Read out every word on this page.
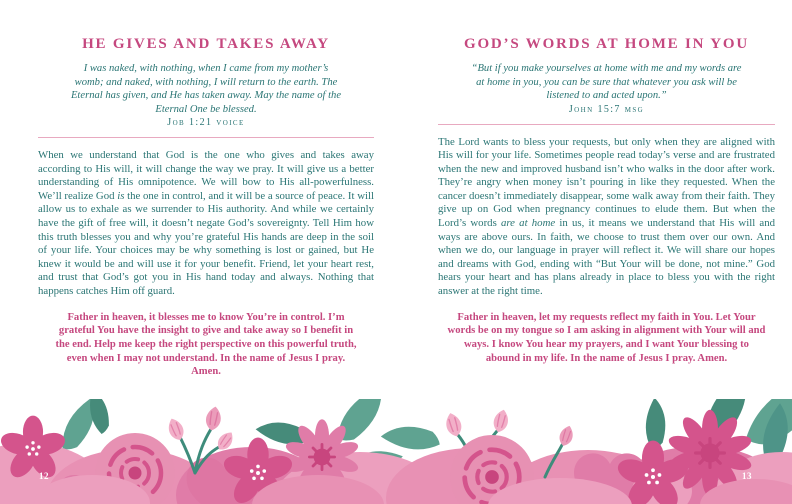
HE GIVES AND TAKES AWAY

I was naked, with nothing, when I came from my mother’s womb; and naked, with nothing, I will return to the earth. The Eternal has given, and He has taken away. May the name of the Eternal One be blessed.

Job 1:21 voice

When we understand that God is the one who gives and takes away according to His will, it will change the way we pray. It will give us a better understanding of His omnipotence. We will bow to His all-powerfulness. We’ll realize God is the one in control, and it will be a source of peace. It will allow us to exhale as we surrender to His authority. And while we certainly have the gift of free will, it doesn’t negate God’s sovereignty. Tell Him how this truth blesses you and why you’re grateful His hands are deep in the soil of your life. Your choices may be why something is lost or gained, but He knew it would be and will use it for your benefit. Friend, let your heart rest, and trust that God’s got you in His hand today and always. Nothing that happens catches Him off guard.

Father in heaven, it blesses me to know You’re in control. I’m grateful You have the insight to give and take away so I benefit in the end. Help me keep the right perspective on this powerful truth, even when I may not understand. In the name of Jesus I pray. Amen.

GOD’S WORDS AT HOME IN YOU

“But if you make yourselves at home with me and my words are at home in you, you can be sure that whatever you ask will be listened to and acted upon.”

John 15:7 msg

The Lord wants to bless your requests, but only when they are aligned with His will for your life. Sometimes people read today’s verse and are frustrated when the new and improved husband isn’t who walks in the door after work. They’re angry when money isn’t pouring in like they requested. When the cancer doesn’t immediately disappear, some walk away from their faith. They give up on God when pregnancy continues to elude them. But when the Lord’s words are at home in us, it means we understand that His will and ways are above ours. In faith, we choose to trust them over our own. And when we do, our language in prayer will reflect it. We will share our hopes and dreams with God, ending with “But Your will be done, not mine.” God hears your heart and has plans already in place to bless you with the right answer at the right time.

Father in heaven, let my requests reflect my faith in You. Let Your words be on my tongue so I am asking in alignment with Your will and ways. I know You hear my prayers, and I want Your blessing to abound in my life. In the name of Jesus I pray. Amen.

12	13
